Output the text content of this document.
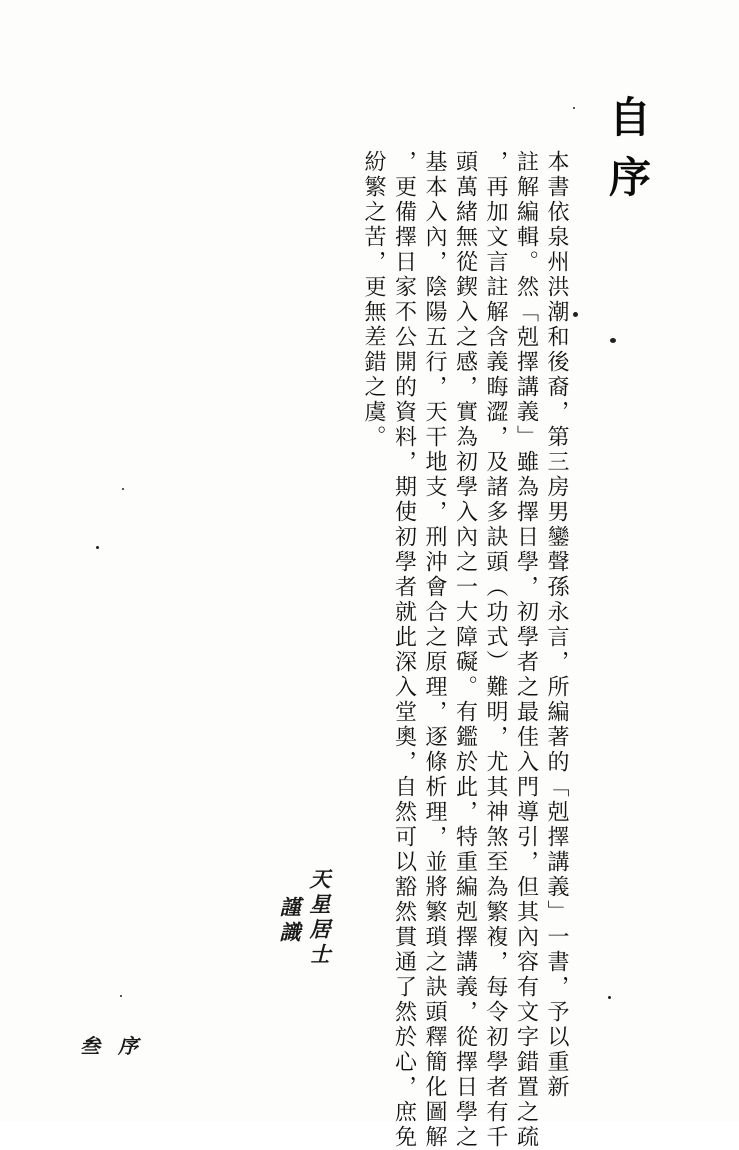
自序
本書依泉州洪潮和後裔，第三房男鑾聲孫永言，所編著的「剋擇講義」一書，予以重新
註解編輯。然「剋擇講義」雖為擇日學，初學者之最佳入門導引，但其內容有文字錯置之疏
，再加文言註解含義晦澀，及諸多訣頭（功式）難明，尤其神煞至為繁複，每令初學者有千
頭萬緒無從鍥入之感，實為初學入內之一大障礙。有鑑於此，特重編剋擇講義，從擇日學之
基本入內，陰陽五行，天干地支，刑沖會合之原理，逐條析理，並將繁瑣之訣頭釋簡化圖解
，更備擇日家不公開的資料，期使初學者就此深入堂奧，自然可以豁然貫通了然於心，庶免
紛繁之苦，更無差錯之虞。
天星居士
謹識
叁序
